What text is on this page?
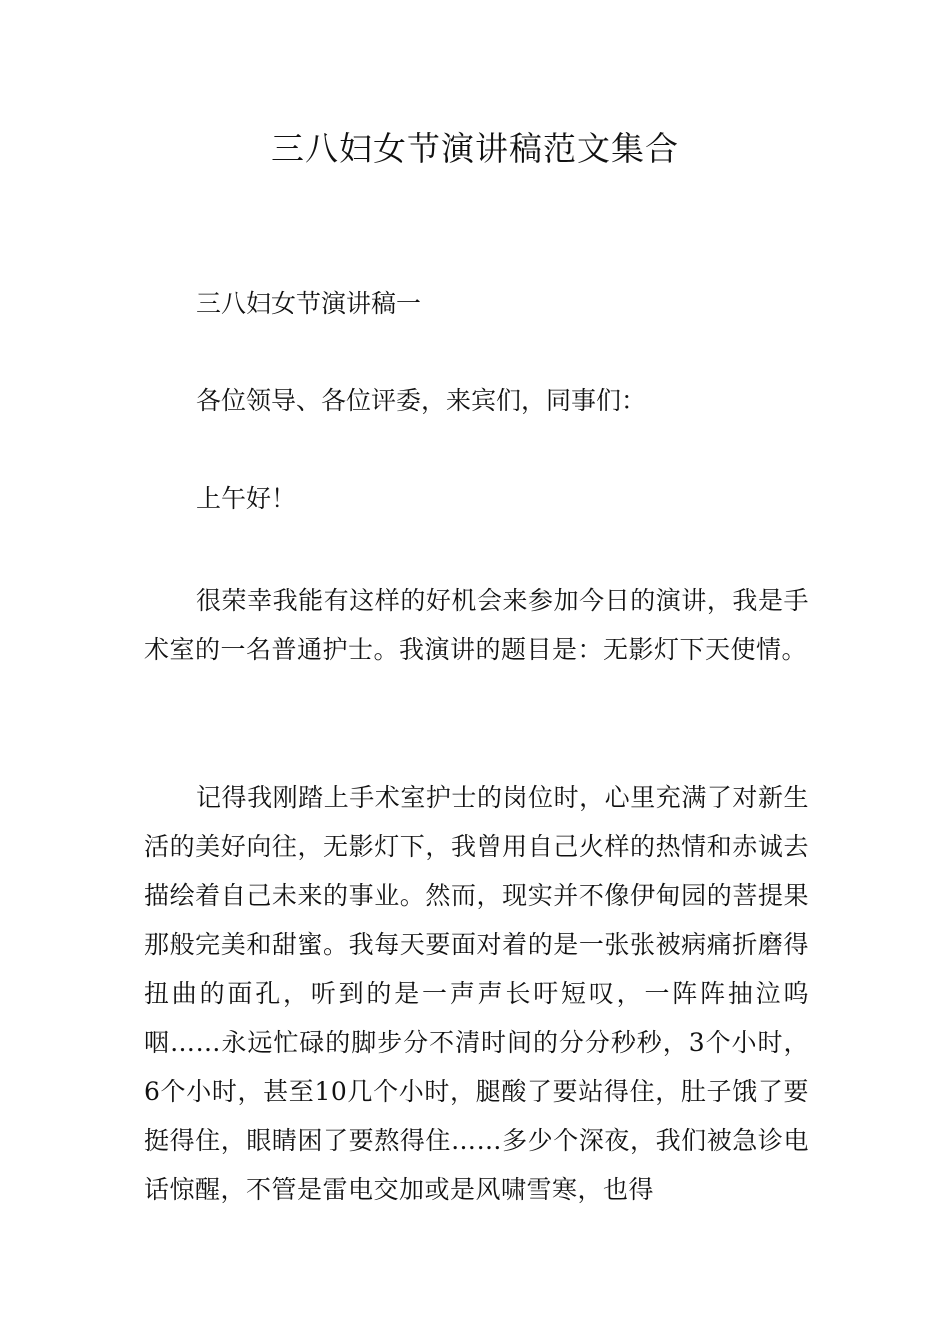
三八妇女节演讲稿范文集合
三八妇女节演讲稿一
各位领导、各位评委，来宾们，同事们：
上午好！

很荣幸我能有这样的好机会来参加今日的演讲，我是手术室的一名普通护士。我演讲的题目是：无影灯下天使情。

记得我刚踏上手术室护士的岗位时，心里充满了对新生活的美好向往，无影灯下，我曾用自己火样的热情和赤诚去描绘着自己未来的事业。然而，现实并不像伊甸园的菩提果那般完美和甜蜜。我每天要面对着的是一张张被病痛折磨得扭曲的面孔，听到的是一声声长吁短叹，一阵阵抽泣呜咽……永远忙碌的脚步分不清时间的分分秒秒，3个小时，6个小时，甚至10几个小时，腿酸了要站得住，肚子饿了要挺得住，眼睛困了要熬得住……多少个深夜，我们被急诊电话惊醒，不管是雷电交加或是风啸雪寒，也得
